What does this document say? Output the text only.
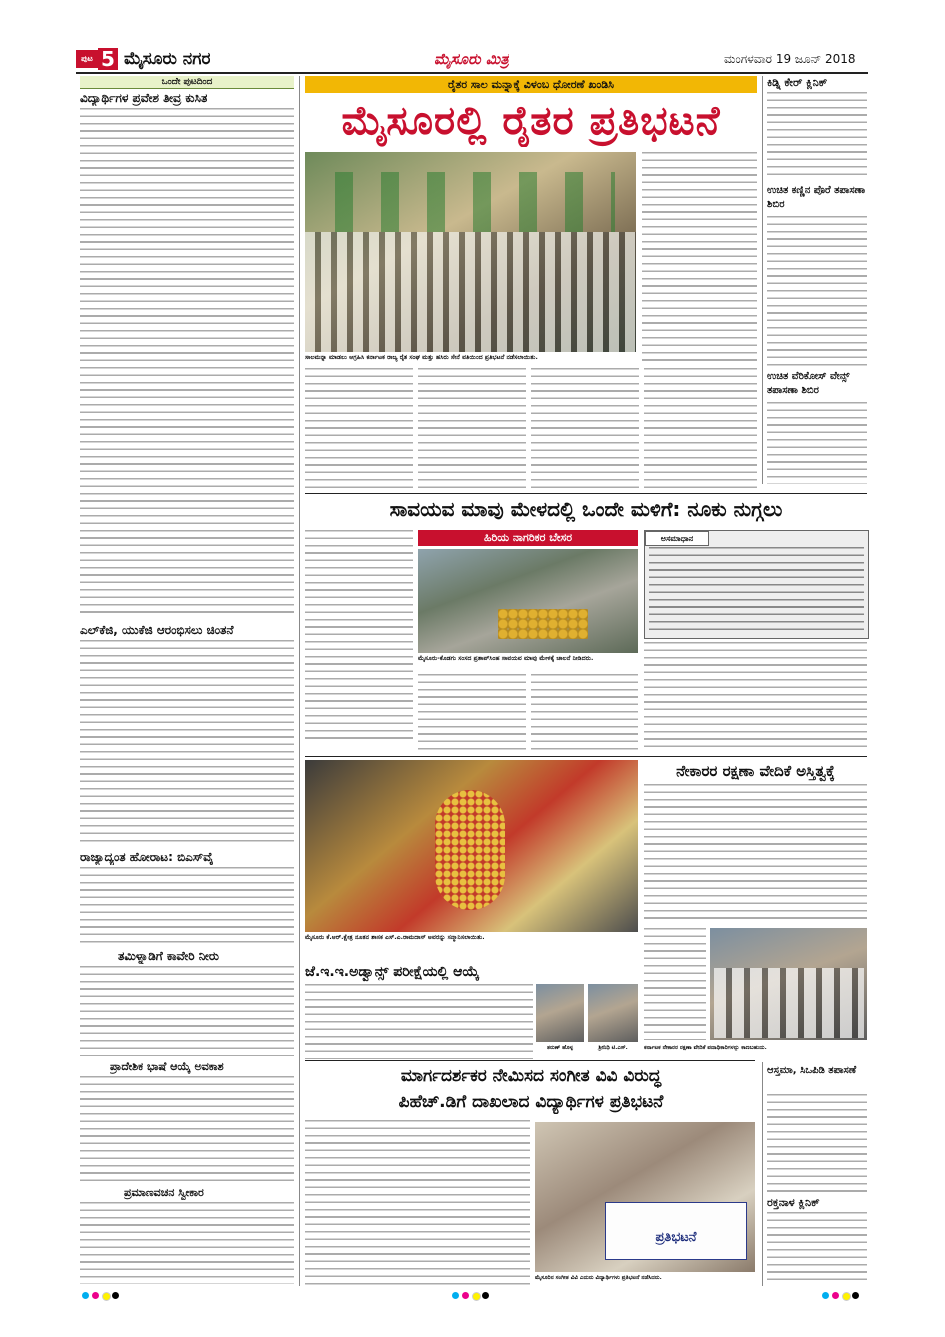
ಪುಟ 5 ಮೈಸೂರು ನಗರ	ಮೈಸೂರು ಮಿತ್ರ	ಮಂಗಳವಾರ 19 ಜೂನ್ 2018
ಒಂದೇ ಪುಟದಿಂದ
ವಿದ್ಯಾರ್ಥಿಗಳ ಪ್ರವೇಶ ತೀವ್ರ ಕುಸಿತ
ಎಲ್‌ಕೆಜಿ, ಯುಕೆಜಿ ಆರಂಭಿಸಲು ಚಿಂತನೆ
ರಾಜ್ಯಾದ್ಯಂತ ಹೋರಾಟ: ಬಿಎಸ್‌ವೈ
ತಮಿಳ್ನಾಡಿಗೆ ಕಾವೇರಿ ನೀರು
ಪ್ರಾದೇಶಿಕ ಭಾಷೆ ಆಯ್ಕೆ ಅವಕಾಶ
ಪ್ರಮಾಣವಚನ ಸ್ವೀಕಾರ
ರೈತರ ಸಾಲ ಮನ್ನಾಕ್ಕೆ ವಿಳಂಬ ಧೋರಣೆ ಖಂಡಿಸಿ
ಮೈಸೂರಲ್ಲಿ ರೈತರ ಪ್ರತಿಭಟನೆ
ಸಾಲಮನ್ನಾ ಮಾಡಲು ಆಗ್ರಹಿಸಿ ಕರ್ನಾಟಕ ರಾಜ್ಯ ರೈತ ಸಂಘ ಮತ್ತು ಹಸಿರು ಸೇನೆ ವತಿಯಿಂದ ಪ್ರತಿಭಟನೆ ನಡೆಸಲಾಯಿತು.
ಕಿಡ್ನಿ ಕೇರ್ ಕ್ಲಿನಿಕ್
ಉಚಿತ ಕಣ್ಣಿನ ಪೊರೆ ತಪಾಸಣಾ ಶಿಬಿರ
ಉಚಿತ ವೆರಿಕೋಸ್ ವೇನ್ಸ್ ತಪಾಸಣಾ ಶಿಬಿರ
ಸಾವಯವ ಮಾವು ಮೇಳದಲ್ಲಿ ಒಂದೇ ಮಳಿಗೆ: ನೂಕು ನುಗ್ಗಲು
ಹಿರಿಯ ನಾಗರಿಕರ ಬೇಸರ
ಮೈಸೂರು-ಕೊಡಗು ಸಂಸದ ಪ್ರತಾಪ್‌ಸಿಂಹ ಸಾವಯವ ಮಾವು ಮೇಳಕ್ಕೆ ಚಾಲನೆ ನೀಡಿದರು.
ಅಸಮಾಧಾನ
ಮೈಸೂರು ಕೆ.ಆರ್.ಕ್ಷೇತ್ರ ನೂತನ ಶಾಸಕ ಎಸ್.ಎ.ರಾಮದಾಸ್ ಅವರನ್ನು ಸನ್ಮಾನಿಸಲಾಯಿತು.
ಜೆ.ಇ.ಇ.ಅಡ್ವಾನ್ಸ್ ಪರೀಕ್ಷೆಯಲ್ಲಿ ಆಯ್ಕೆ
ತರುಣ್ ಹೊಳ್ಳ	ಶ್ರೀನಿಧಿ ಟಿ.ಎಸ್.
ನೇಕಾರರ ರಕ್ಷಣಾ ವೇದಿಕೆ ಅಸ್ತಿತ್ವಕ್ಕೆ
ಕರ್ನಾಟಕ ನೇಕಾರರ ರಕ್ಷಣಾ ವೇದಿಕೆ ಪದಾಧಿಕಾರಿಗಳನ್ನು ಕಾಣಬಹುದು.
ಮಾರ್ಗದರ್ಶಕರ ನೇಮಿಸದ ಸಂಗೀತ ವಿವಿ ವಿರುದ್ಧ
ಪಿಹೆಚ್.ಡಿಗೆ ದಾಖಲಾದ ವಿದ್ಯಾರ್ಥಿಗಳ ಪ್ರತಿಭಟನೆ
ಪ್ರತಿಭಟನೆ
ಮೈಸೂರಿನ ಸಂಗೀತ ವಿವಿ ಎದುರು ವಿದ್ಯಾರ್ಥಿಗಳು ಪ್ರತಿಭಟನೆ ನಡೆಸಿದರು.
ಆಸ್ತಮಾ, ಸಿಒಪಿಡಿ ತಪಾಸಣೆ
ರಕ್ತನಾಳ ಕ್ಲಿನಿಕ್
